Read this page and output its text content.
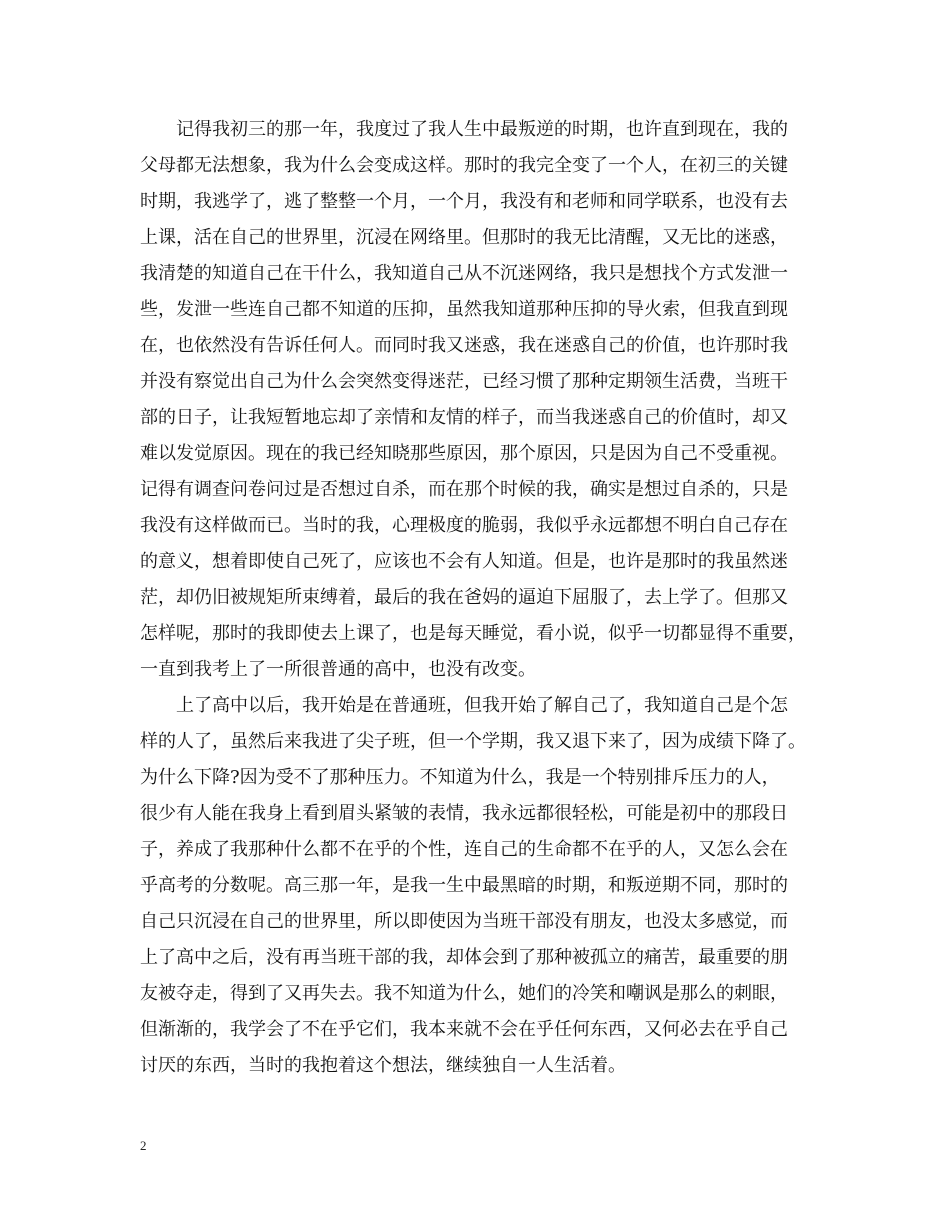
记得我初三的那一年，我度过了我人生中最叛逆的时期，也许直到现在，我的
父母都无法想象，我为什么会变成这样。那时的我完全变了一个人，在初三的关键
时期，我逃学了，逃了整整一个月，一个月，我没有和老师和同学联系，也没有去
上课，活在自己的世界里，沉浸在网络里。但那时的我无比清醒，又无比的迷惑，
我清楚的知道自己在干什么，我知道自己从不沉迷网络，我只是想找个方式发泄一
些，发泄一些连自己都不知道的压抑，虽然我知道那种压抑的导火索，但我直到现
在，也依然没有告诉任何人。而同时我又迷惑，我在迷惑自己的价值，也许那时我
并没有察觉出自己为什么会突然变得迷茫，已经习惯了那种定期领生活费，当班干
部的日子，让我短暂地忘却了亲情和友情的样子，而当我迷惑自己的价值时，却又
难以发觉原因。现在的我已经知晓那些原因，那个原因，只是因为自己不受重视。
记得有调查问卷问过是否想过自杀，而在那个时候的我，确实是想过自杀的，只是
我没有这样做而已。当时的我，心理极度的脆弱，我似乎永远都想不明白自己存在
的意义，想着即使自己死了，应该也不会有人知道。但是，也许是那时的我虽然迷
茫，却仍旧被规矩所束缚着，最后的我在爸妈的逼迫下屈服了，去上学了。但那又
怎样呢，那时的我即使去上课了，也是每天睡觉，看小说，似乎一切都显得不重要，
一直到我考上了一所很普通的高中，也没有改变。
上了高中以后，我开始是在普通班，但我开始了解自己了，我知道自己是个怎
样的人了，虽然后来我进了尖子班，但一个学期，我又退下来了，因为成绩下降了。
为什么下降?因为受不了那种压力。不知道为什么，我是一个特别排斥压力的人，
很少有人能在我身上看到眉头紧皱的表情，我永远都很轻松，可能是初中的那段日
子，养成了我那种什么都不在乎的个性，连自己的生命都不在乎的人，又怎么会在
乎高考的分数呢。高三那一年，是我一生中最黑暗的时期，和叛逆期不同，那时的
自己只沉浸在自己的世界里，所以即使因为当班干部没有朋友，也没太多感觉，而
上了高中之后，没有再当班干部的我，却体会到了那种被孤立的痛苦，最重要的朋
友被夺走，得到了又再失去。我不知道为什么，她们的冷笑和嘲讽是那么的刺眼，
但渐渐的，我学会了不在乎它们，我本来就不会在乎任何东西，又何必去在乎自己
讨厌的东西，当时的我抱着这个想法，继续独自一人生活着。
2
